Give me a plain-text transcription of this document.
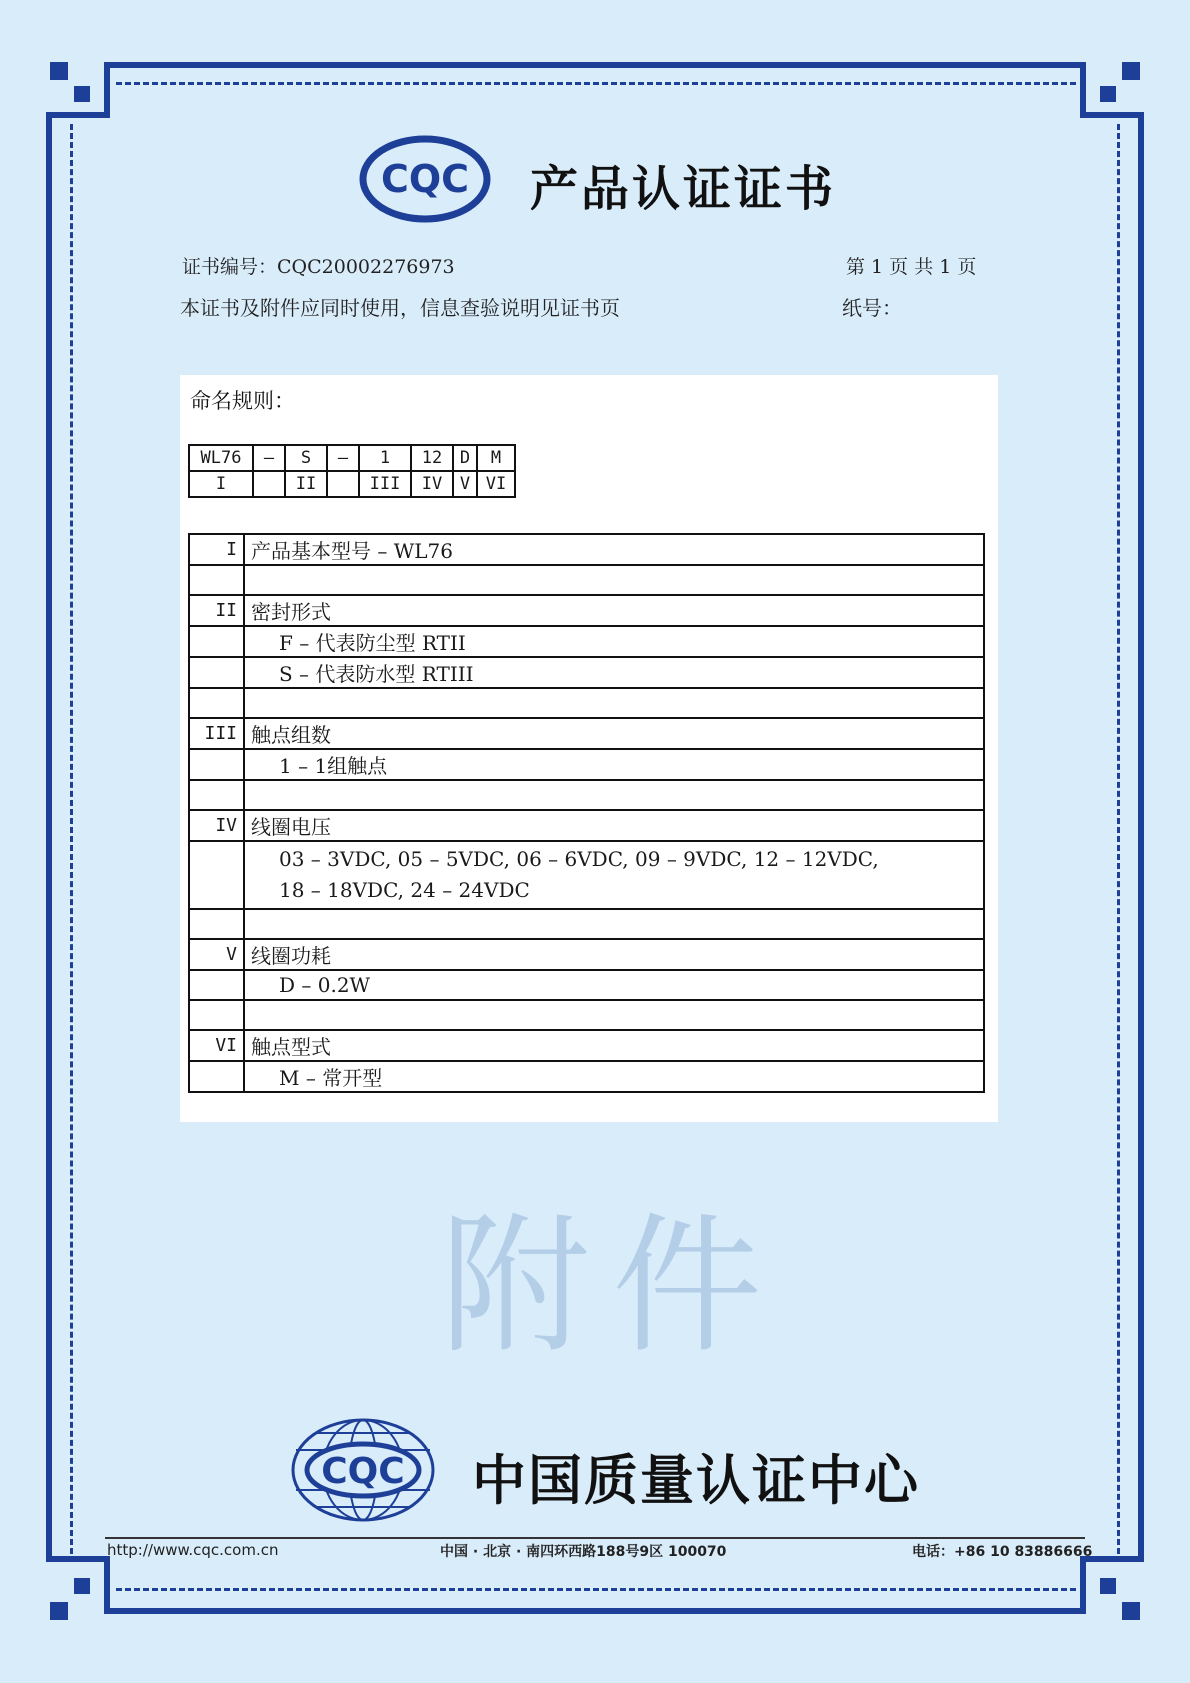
CQC 产品认证证书
证书编号：CQC20002276973	第 1 页 共 1 页
本证书及附件应同时使用，信息查验说明见证书页	纸号：
命名规则：
WL76	–	S	–	1	12	D	M
I		II		III	IV	V	VI
I	产品基本型号 – WL76

II	密封形式
	F – 代表防尘型 RTII
	S – 代表防水型 RTIII

III	触点组数
	1 – 1组触点

IV	线圈电压

	03 – 3VDC, 05 – 5VDC, 06 – 6VDC, 09 – 9VDC, 12 – 12VDC,
18 – 18VDC, 24 – 24VDC

V	线圈功耗
	D – 0.2W

VI	触点型式
	M – 常开型
附件
CQC 中国质量认证中心
http://www.cqc.com.cn	中国 · 北京 · 南四环西路188号9区 100070	电话：+86 10 83886666
